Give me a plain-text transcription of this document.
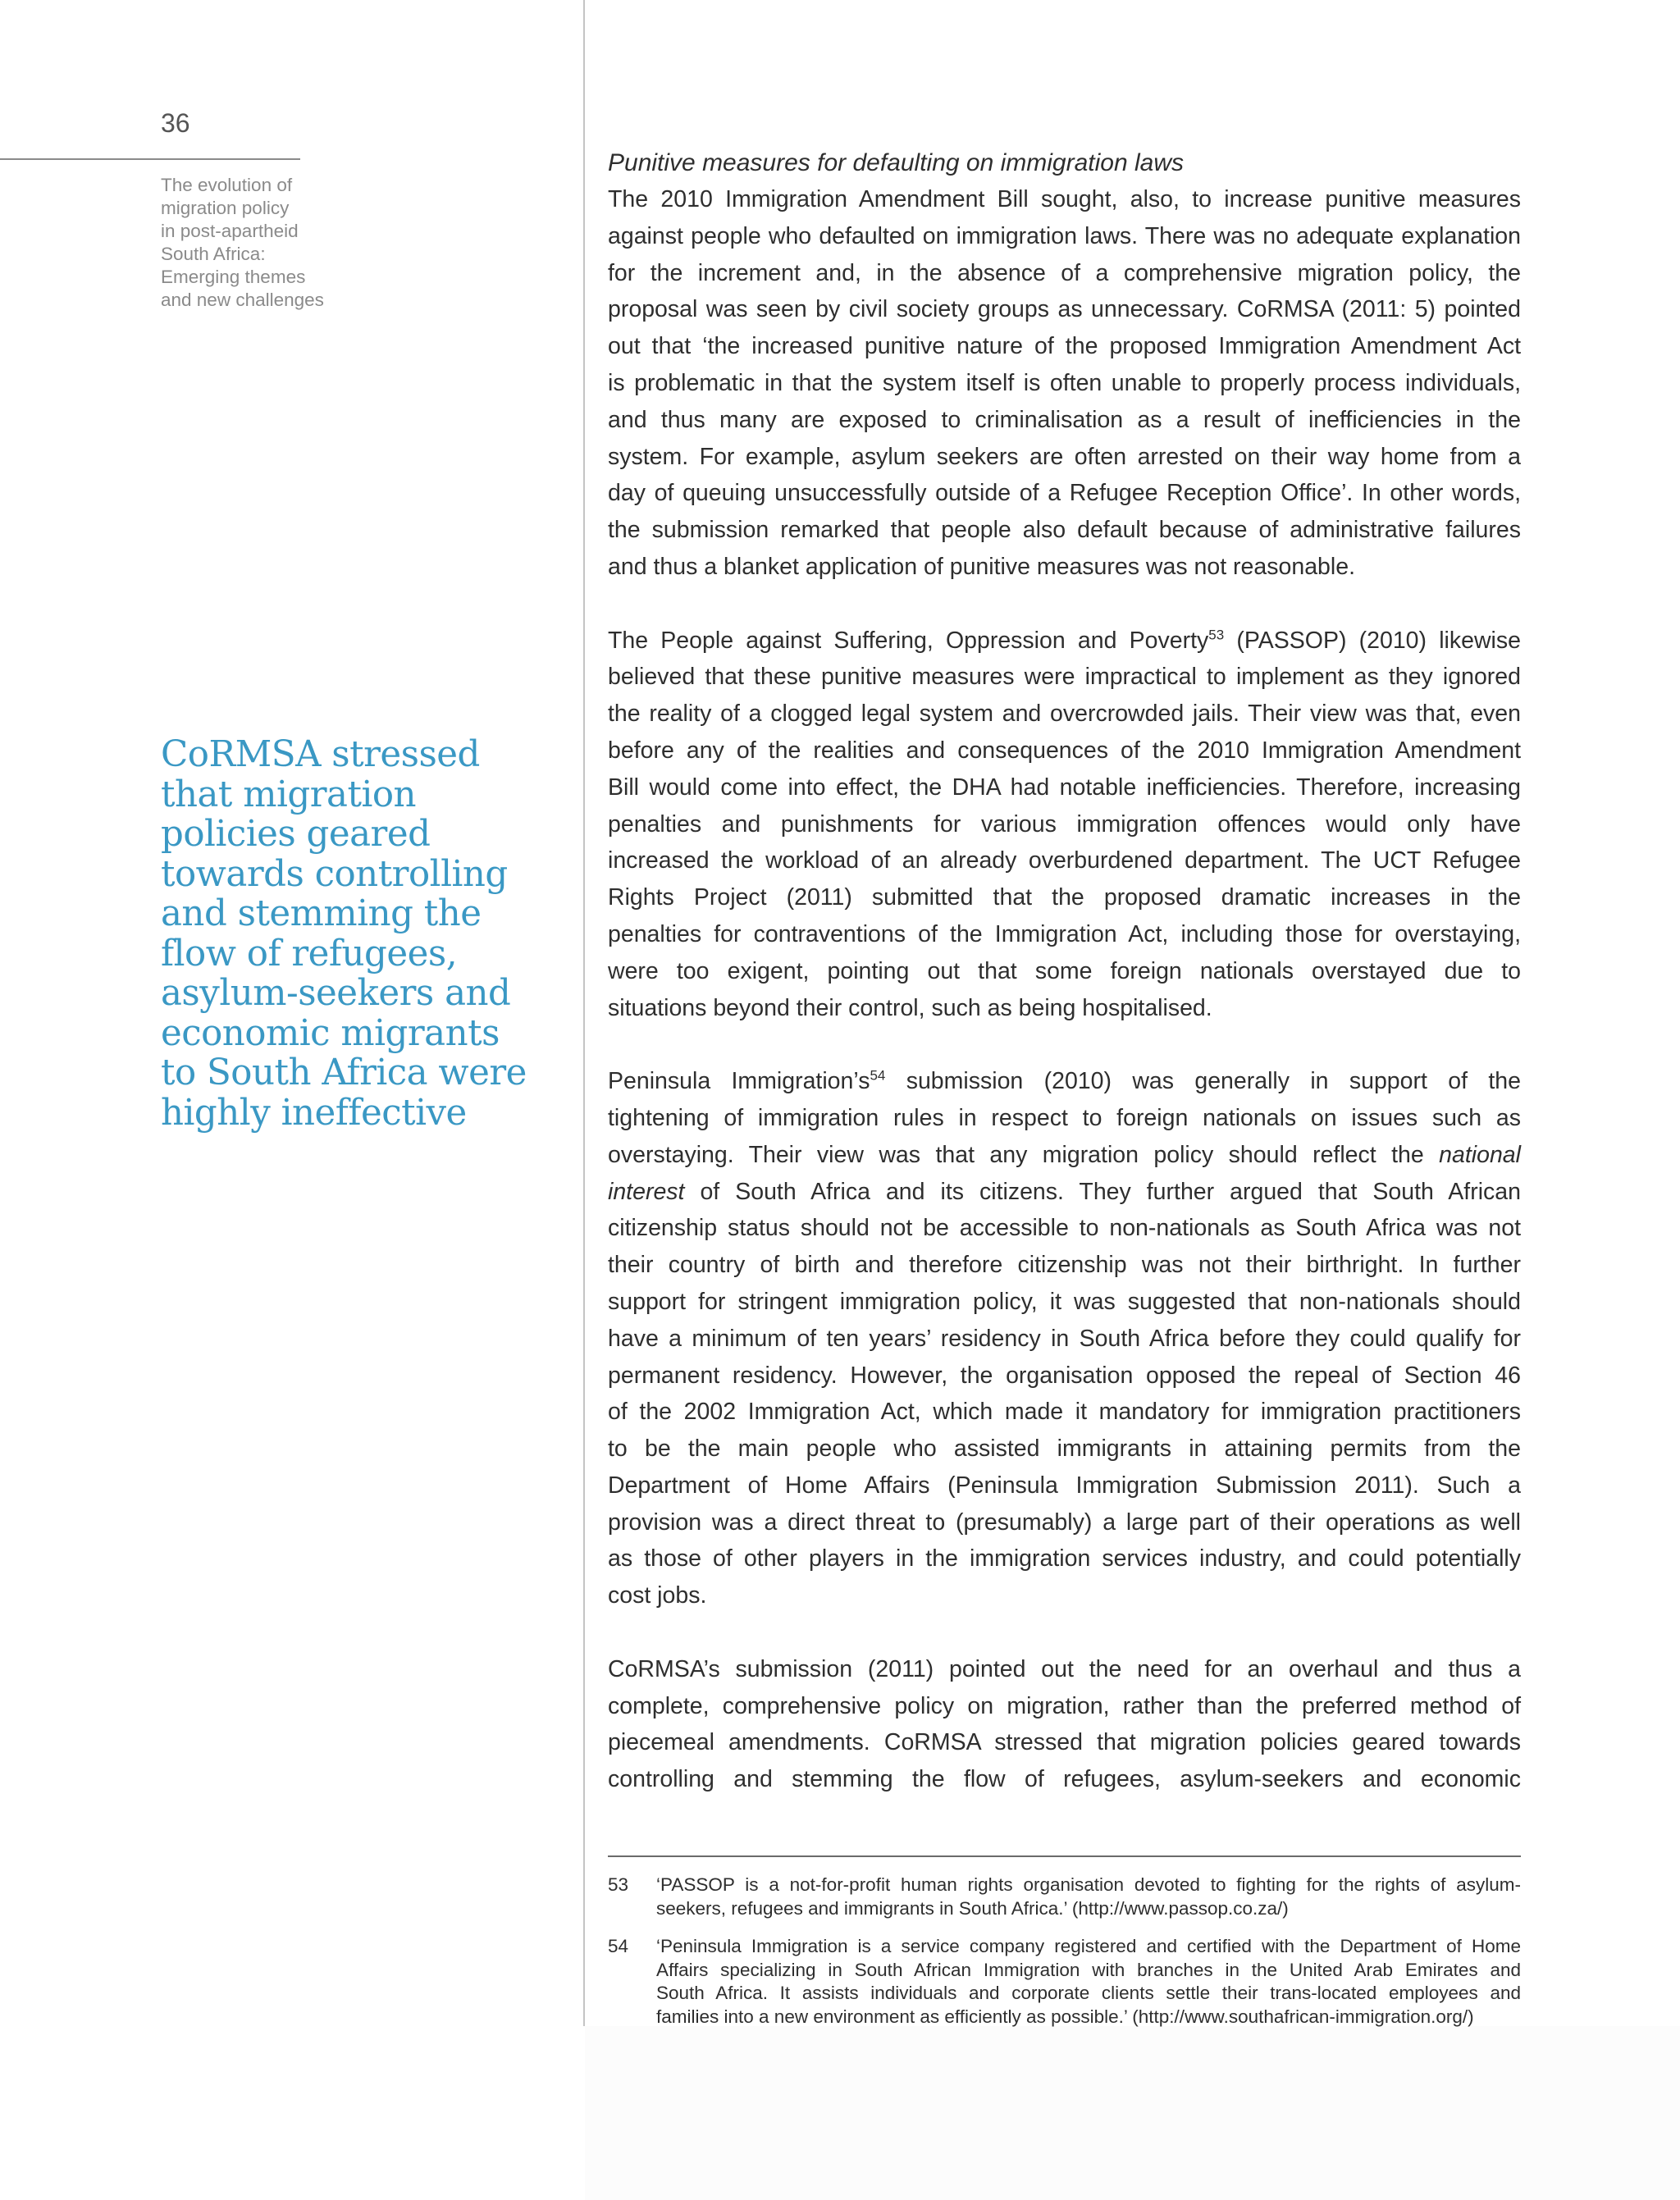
36
The evolution of
migration policy
in post-apartheid
South Africa:
Emerging themes
and new challenges
CoRMSA stressed
that migration
policies geared
towards controlling
and stemming the
flow of refugees,
asylum-seekers and
economic migrants
to South Africa were
highly ineffective
Punitive measures for defaulting on immigration laws

The 2010 Immigration Amendment Bill sought, also, to increase punitive measures
against people who defaulted on immigration laws. There was no adequate explanation
for the increment and, in the absence of a comprehensive migration policy, the
proposal was seen by civil society groups as unnecessary. CoRMSA (2011: 5) pointed
out that ‘the increased punitive nature of the proposed Immigration Amendment Act
is problematic in that the system itself is often unable to properly process individuals,
and thus many are exposed to criminalisation as a result of inefficiencies in the
system. For example, asylum seekers are often arrested on their way home from a
day of queuing unsuccessfully outside of a Refugee Reception Office’. In other words,
the submission remarked that people also default because of administrative failures
and thus a blanket application of punitive measures was not reasonable.

The People against Suffering, Oppression and Poverty$^{53}$ (PASSOP) (2010) likewise
believed that these punitive measures were impractical to implement as they ignored
the reality of a clogged legal system and overcrowded jails. Their view was that, even
before any of the realities and consequences of the 2010 Immigration Amendment
Bill would come into effect, the DHA had notable inefficiencies. Therefore, increasing
penalties and punishments for various immigration offences would only have
increased the workload of an already overburdened department. The UCT Refugee
Rights Project (2011) submitted that the proposed dramatic increases in the
penalties for contraventions of the Immigration Act, including those for overstaying,
were too exigent, pointing out that some foreign nationals overstayed due to
situations beyond their control, such as being hospitalised.

Peninsula $Immigration’s^{54}$ submission (2010) was generally in support of the
tightening of immigration rules in respect to foreign nationals on issues such as
overstaying. Their view was that any migration policy should reflect the national
interest of South Africa and its citizens. They further argued that South African
citizenship status should not be accessible to non-nationals as South Africa was not
their country of birth and therefore citizenship was not their birthright. In further
support for stringent immigration policy, it was suggested that non-nationals should
have a minimum of ten years’ residency in South Africa before they could qualify for
permanent residency. However, the organisation opposed the repeal of Section 46
of the 2002 Immigration Act, which made it mandatory for immigration practitioners
to be the main people who assisted immigrants in attaining permits from the
Department of Home Affairs (Peninsula Immigration Submission 2011). Such a
provision was a direct threat to (presumably) a large part of their operations as well
as those of other players in the immigration services industry, and could potentially
cost jobs.

CoRMSA’s submission (2011) pointed out the need for an overhaul and thus a
complete, comprehensive policy on migration, rather than the preferred method of
piecemeal amendments. CoRMSA stressed that migration policies geared towards
controlling and stemming the flow of refugees, asylum-seekers and economic

53	‘PASSOP is a not-for-profit human rights organisation devoted to fighting for the rights of asylum-
seekers, refugees and immigrants in South Africa.’ (http://www.passop.co.za/)
54	‘Peninsula Immigration is a service company registered and certified with the Department of Home
Affairs specializing in South African Immigration with branches in the United Arab Emirates and
South Africa. It assists individuals and corporate clients settle their trans-located employees and
families into a new environment as efficiently as possible.’ (http://www.southafrican-immigration.org/)
